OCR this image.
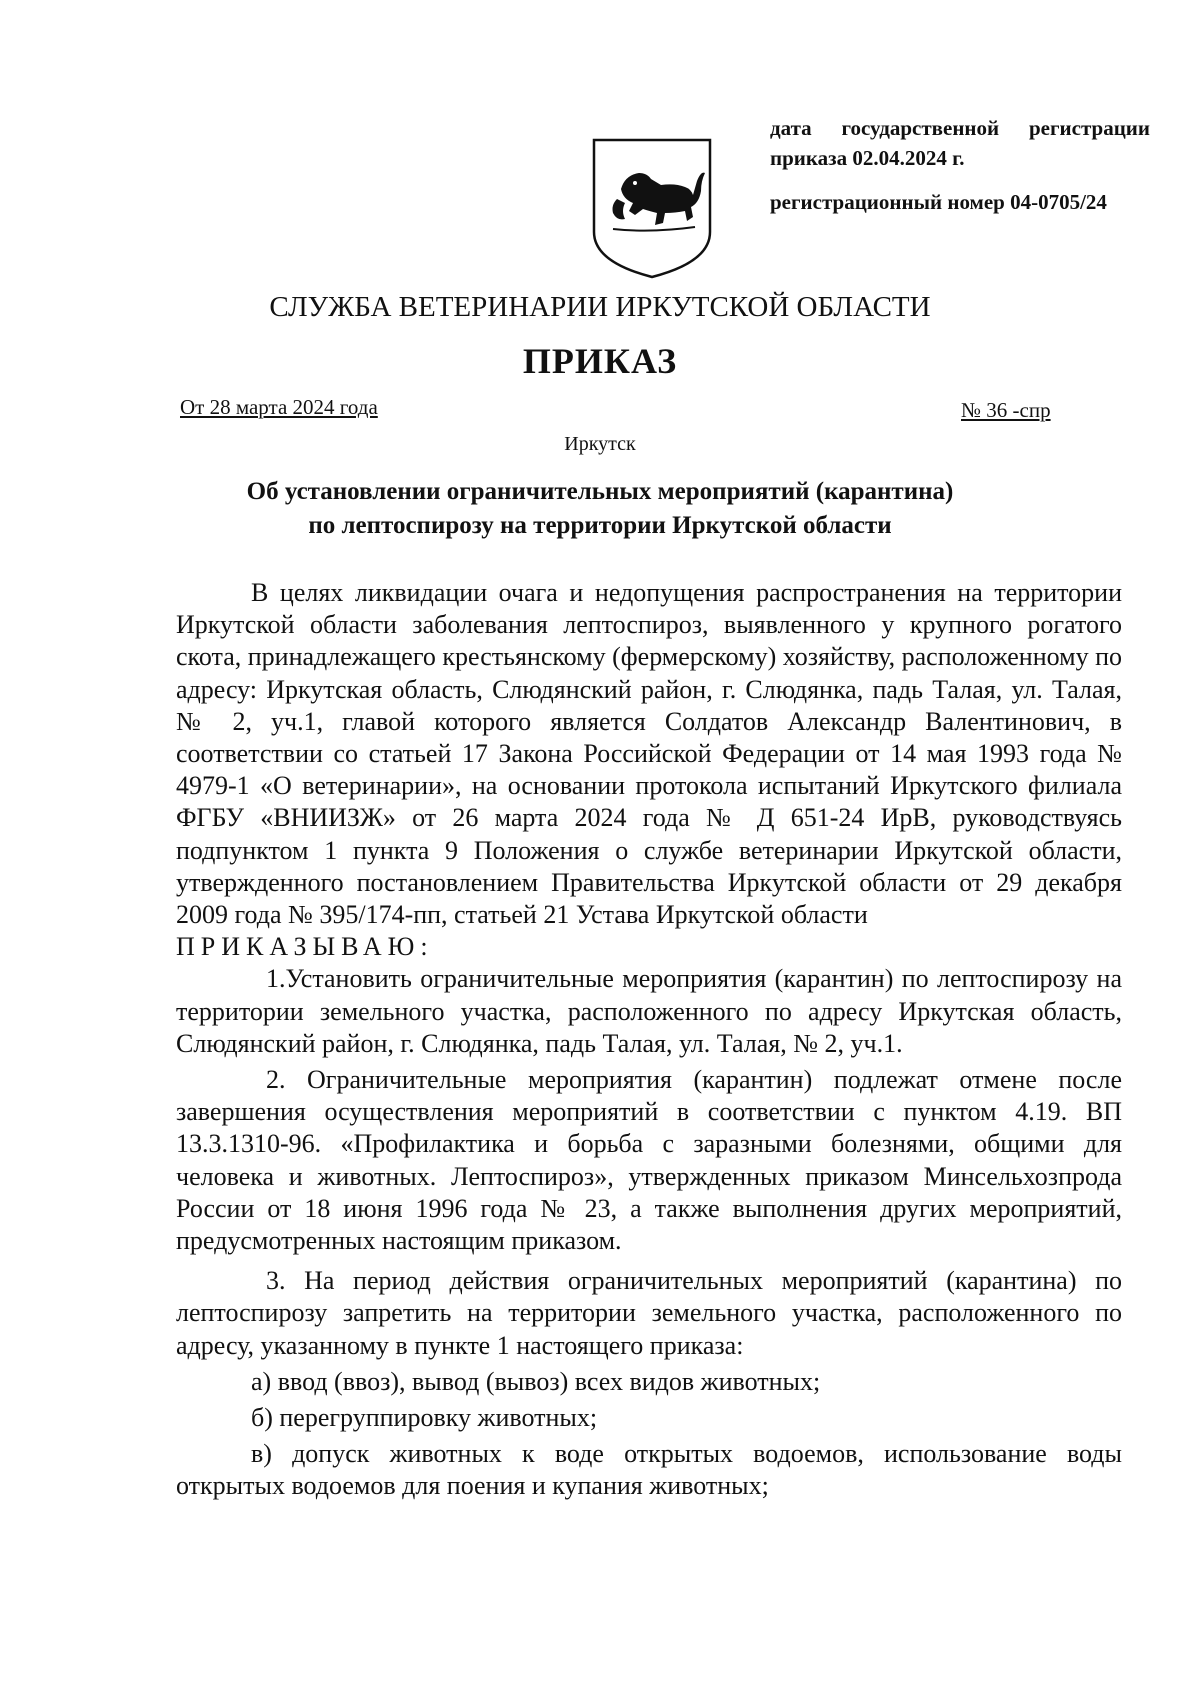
дата государственной регистрации
приказа 02.04.2024 г.
регистрационный номер 04-0705/24
СЛУЖБА ВЕТЕРИНАРИИ ИРКУТСКОЙ ОБЛАСТИ
ПРИКАЗ
От 28 марта 2024 года	№ 36 -спр
Иркутск
Об установлении ограничительных мероприятий (карантина)
по лептоспирозу на территории Иркутской области

В целях ликвидации очага и недопущения распространения на территории Иркутской области заболевания лептоспироз, выявленного у крупного рогатого скота, принадлежащего крестьянскому (фермерскому) хозяйству, расположенному по адресу: Иркутская область, Слюдянский район, г. Слюдянка, падь Талая, ул. Талая, № 2, уч.1, главой которого является Солдатов Александр Валентинович, в соответствии со статьей 17 Закона Российской Федерации от 14 мая 1993 года № 4979-1 «О ветеринарии», на основании протокола испытаний Иркутского филиала ФГБУ «ВНИИЗЖ» от 26 марта 2024 года № Д 651-24 ИрВ, руководствуясь подпунктом 1 пункта 9 Положения о службе ветеринарии Иркутской области, утвержденного постановлением Правительства Иркутской области от 29 декабря 2009 года № 395/174-пп, статьей 21 Устава Иркутской области

ПРИКАЗЫВАЮ:

1.Установить ограничительные мероприятия (карантин) по лептоспирозу на территории земельного участка, расположенного по адресу Иркутская область, Слюдянский район, г. Слюдянка, падь Талая, ул. Талая, № 2, уч.1.

2. Ограничительные мероприятия (карантин) подлежат отмене после завершения осуществления мероприятий в соответствии с пунктом 4.19. ВП 13.3.1310-96. «Профилактика и борьба с заразными болезнями, общими для человека и животных. Лептоспироз», утвержденных приказом Минсельхозпрода России от 18 июня 1996 года № 23, а также выполнения других мероприятий, предусмотренных настоящим приказом.

3. На период действия ограничительных мероприятий (карантина) по лептоспирозу запретить на территории земельного участка, расположенного по адресу, указанному в пункте 1 настоящего приказа:

а) ввод (ввоз), вывод (вывоз) всех видов животных;

б) перегруппировку животных;

в) допуск животных к воде открытых водоемов, использование воды открытых водоемов для поения и купания животных;
